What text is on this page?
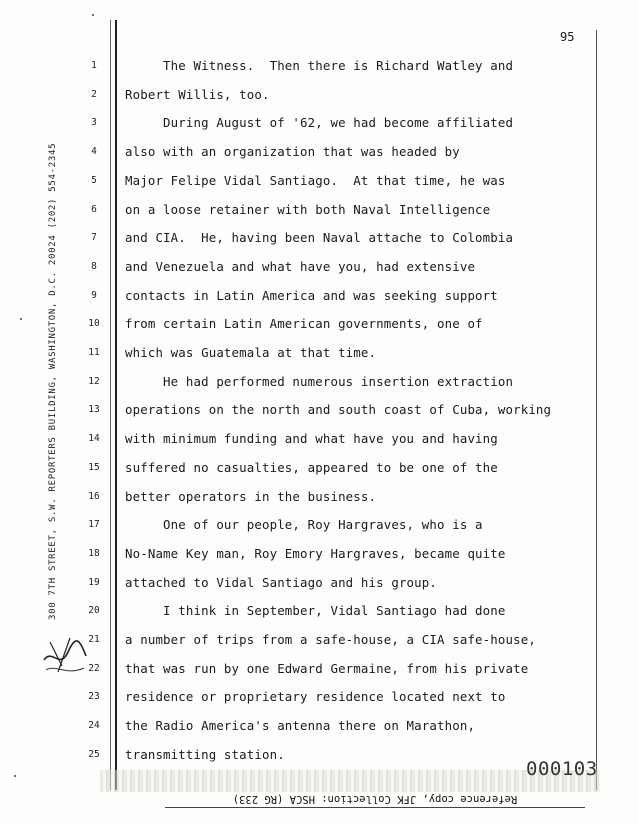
95
300 7TH STREET, S.W. REPORTERS BUILDING, WASHINGTON, D.C. 20024 (202) 554-2345
1	The Witness.  Then there is Richard Watley and
2	Robert Willis, too.
3	During August of '62, we had become affiliated
4	also with an organization that was headed by
5	Major Felipe Vidal Santiago.  At that time, he was
6	on a loose retainer with both Naval Intelligence
7	and CIA.  He, having been Naval attache to Colombia
8	and Venezuela and what have you, had extensive
9	contacts in Latin America and was seeking support
10 from certain Latin American governments, one of
11 which was Guatemala at that time.
12 He had performed numerous insertion extraction
13 operations on the north and south coast of Cuba, working
14 with minimum funding and what have you and having
15 suffered no casualties, appeared to be one of the
16 better operators in the business.
17 One of our people, Roy Hargraves, who is a
18 No-Name Key man, Roy Emory Hargraves, became quite
19 attached to Vidal Santiago and his group.
20 I think in September, Vidal Santiago had done
21 a number of trips from a safe-house, a CIA safe-house,
22 that was run by one Edward Germaine, from his private
23 residence or proprietary residence located next to
24 the Radio America's antenna there on Marathon,
25 transmitting station.
000103
Reference copy, JFK Collection: HSCA (RG 233)
